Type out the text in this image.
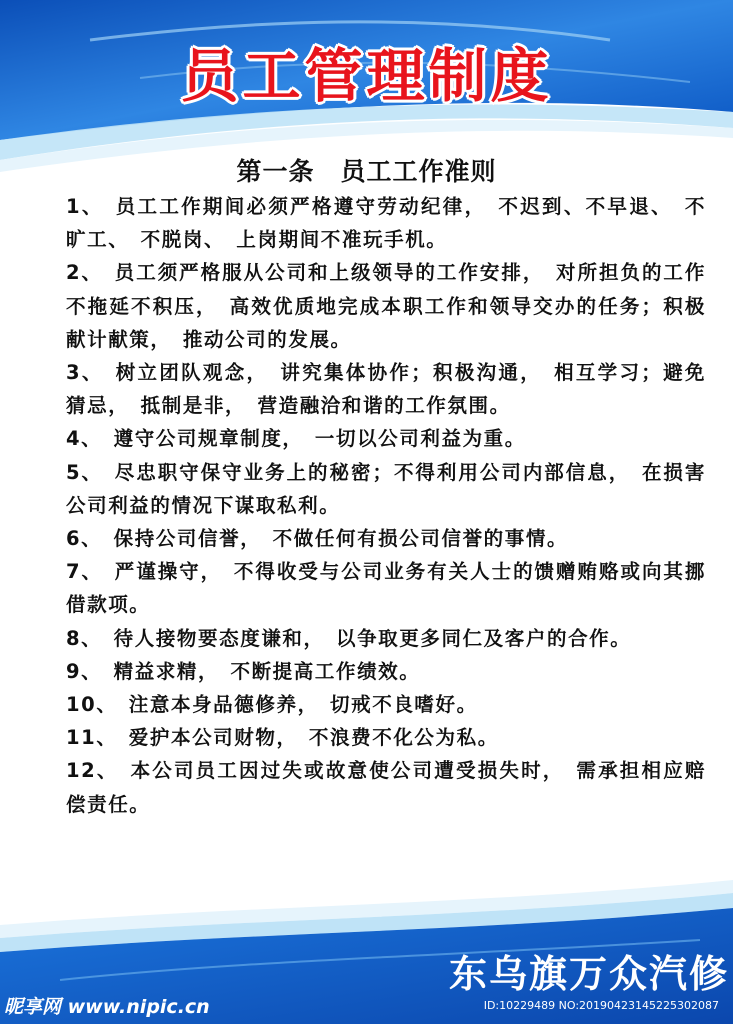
员工管理制度
第一条　员工工作准则
1、　员工工作期间必须严格遵守劳动纪律，　不迟到、不早退、　不旷工、　不脱岗、　上岗期间不准玩手机。
2、　员工须严格服从公司和上级领导的工作安排，　对所担负的工作不拖延不积压，　高效优质地完成本职工作和领导交办的任务；积极献计献策，　推动公司的发展。
3、　树立团队观念，　讲究集体协作；积极沟通，　相互学习；避免猜忌，　抵制是非，　营造融洽和谐的工作氛围。
4、　遵守公司规章制度，　一切以公司利益为重。
5、　尽忠职守保守业务上的秘密；不得利用公司内部信息，　在损害公司利益的情况下谋取私利。
6、　保持公司信誉，　不做任何有损公司信誉的事情。
7、　严谨操守，　不得收受与公司业务有关人士的馈赠贿赂或向其挪借款项。
8、　待人接物要态度谦和，　以争取更多同仁及客户的合作。
9、　精益求精，　不断提高工作绩效。
10、　注意本身品德修养，　切戒不良嗜好。
11、　爱护本公司财物，　不浪费不化公为私。
12、　本公司员工因过失或故意使公司遭受损失时，　需承担相应赔偿责任。
东乌旗万众汽修
昵享网 www.nipic.cn	ID:10229489 NO:20190423145225302087
